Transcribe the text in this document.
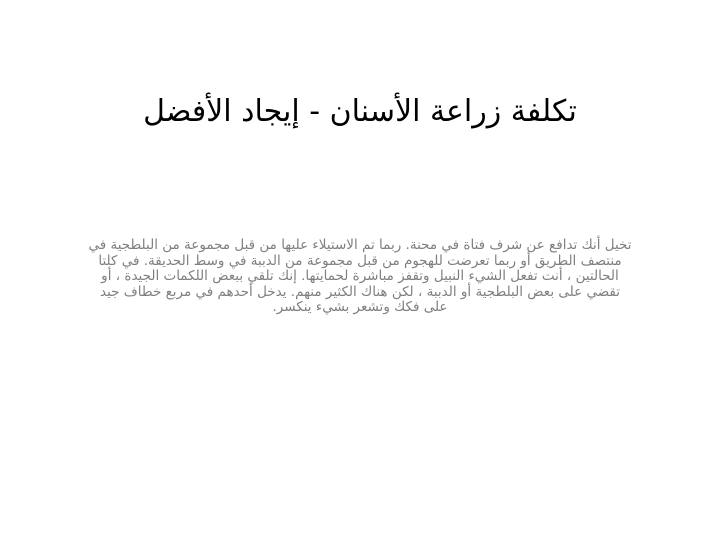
تكلفة زراعة الأسنان - إيجاد الأفضل
تخيل أنك تدافع عن شرف فتاة في محنة. ربما تم الاستيلاء عليها من قبل مجموعة من البلطجية في منتصف الطريق أو ربما تعرضت للهجوم من قبل مجموعة من الدببة في وسط الحديقة. في كلتا الحالتين ، أنت تفعل الشيء النبيل وتقفز مباشرة لحمايتها. إنك تلقي ببعض اللكمات الجيدة ، أو تقضي على بعض البلطجية أو الدببة ، لكن هناك الكثير منهم. يدخل أحدهم في مربع خطاف جيد على فكك وتشعر بشيء ينكسر.
